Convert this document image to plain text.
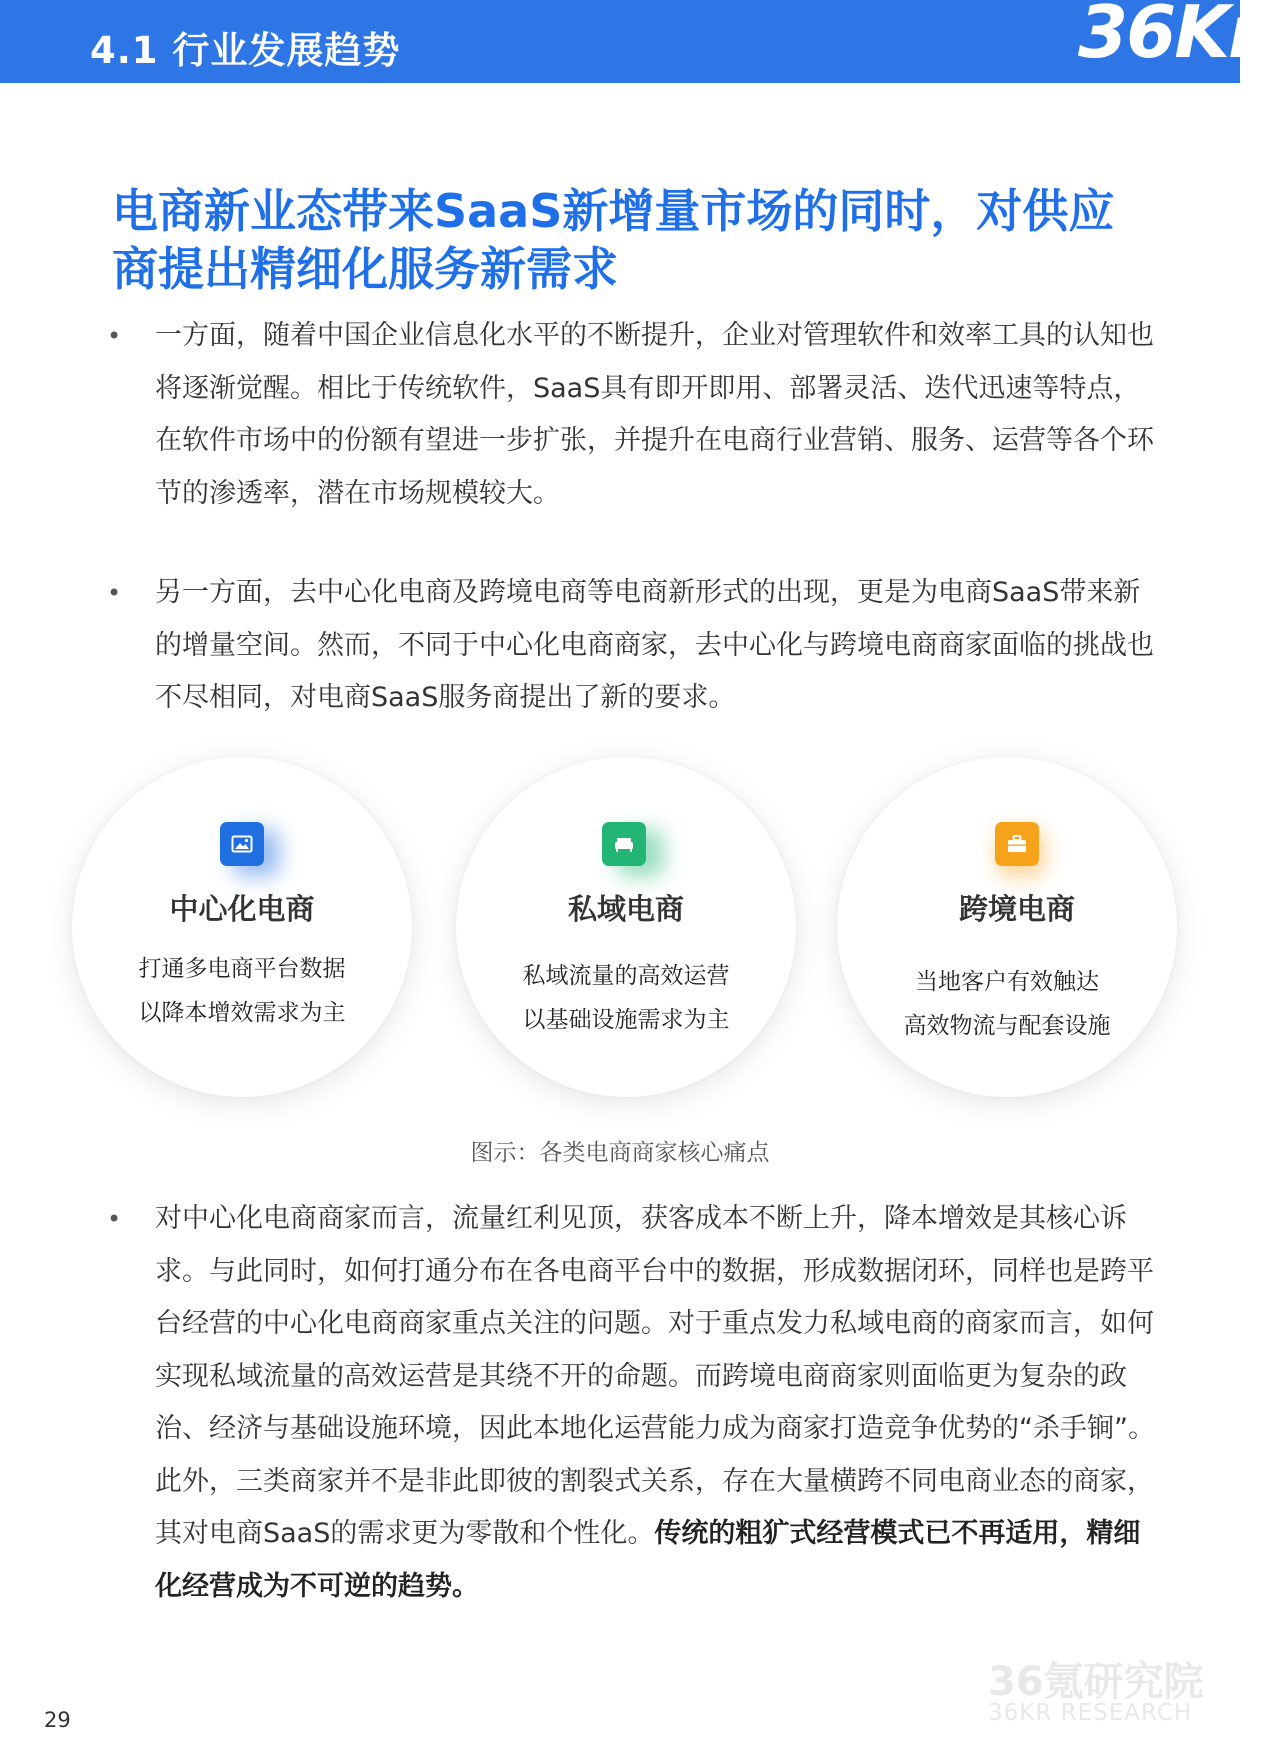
4.1 行业发展趋势	36Kr
电商新业态带来SaaS新增量市场的同时，对供应商提出精细化服务新需求

• 一方面，随着中国企业信息化水平的不断提升，企业对管理软件和效率工具的认知也将逐渐觉醒。相比于传统软件，SaaS具有即开即用、部署灵活、迭代迅速等特点，在软件市场中的份额有望进一步扩张，并提升在电商行业营销、服务、运营等各个环节的渗透率，潜在市场规模较大。

• 另一方面，去中心化电商及跨境电商等电商新形式的出现，更是为电商SaaS带来新的增量空间。然而，不同于中心化电商商家，去中心化与跨境电商商家面临的挑战也不尽相同，对电商SaaS服务商提出了新的要求。

中心化电商
打通多电商平台数据
以降本增效需求为主
私域电商
私域流量的高效运营
以基础设施需求为主
跨境电商
当地客户有效触达
高效物流与配套设施
图示：各类电商商家核心痛点

• 对中心化电商商家而言，流量红利见顶，获客成本不断上升，降本增效是其核心诉求。与此同时，如何打通分布在各电商平台中的数据，形成数据闭环，同样也是跨平台经营的中心化电商商家重点关注的问题。对于重点发力私域电商的商家而言，如何实现私域流量的高效运营是其绕不开的命题。而跨境电商商家则面临更为复杂的政治、经济与基础设施环境，因此本地化运营能力成为商家打造竞争优势的“杀手锏”。此外，三类商家并不是非此即彼的割裂式关系，存在大量横跨不同电商业态的商家，其对电商SaaS的需求更为零散和个性化。传统的粗犷式经营模式已不再适用，精细化经营成为不可逆的趋势。

36氪研究院
36KR RESEARCH
29
